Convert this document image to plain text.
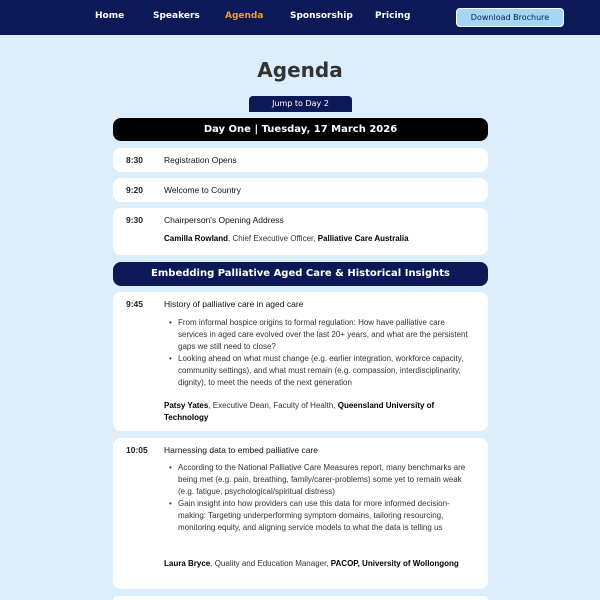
Home	Speakers	Agenda	Sponsorship Pricing	Download Brochure
Agenda
Jump to Day 2
Day One | Tuesday, 17 March 2026
8:30 Registration Opens
9:20 Welcome to Country
9:30 Chairperson's Opening Address
Camilla Rowland, Chief Executive Officer, Palliative Care Australia
Embedding Palliative Aged Care & Historical Insights
9:45 History of palliative care in aged care
• From informal hospice origins to formal regulation: How have palliative care services in aged care evolved over the last 20+ years, and what are the persistent gaps we still need to close?
• Looking ahead on what must change (e.g. earlier integration, workforce capacity, community settings), and what must remain (e.g. compassion, interdisciplinarity, dignity), to meet the needs of the next generation
Patsy Yates, Executive Dean, Faculty of Health, Queensland University of Technology
10:05 Harnessing data to embed palliative care
• According to the National Palliative Care Measures report, many benchmarks are being met (e.g. pain, breathing, family/carer-problems) some yet to remain weak (e.g. fatigue, psychological/spiritual distress)
• Gain insight into how providers can use this data for more informed decision-making: Targeting underperforming symptom domains, tailoring resourcing, monitoring equity, and aligning service models to what the data is telling us
Laura Bryce, Quality and Education Manager, PACOP, University of Wollongong
